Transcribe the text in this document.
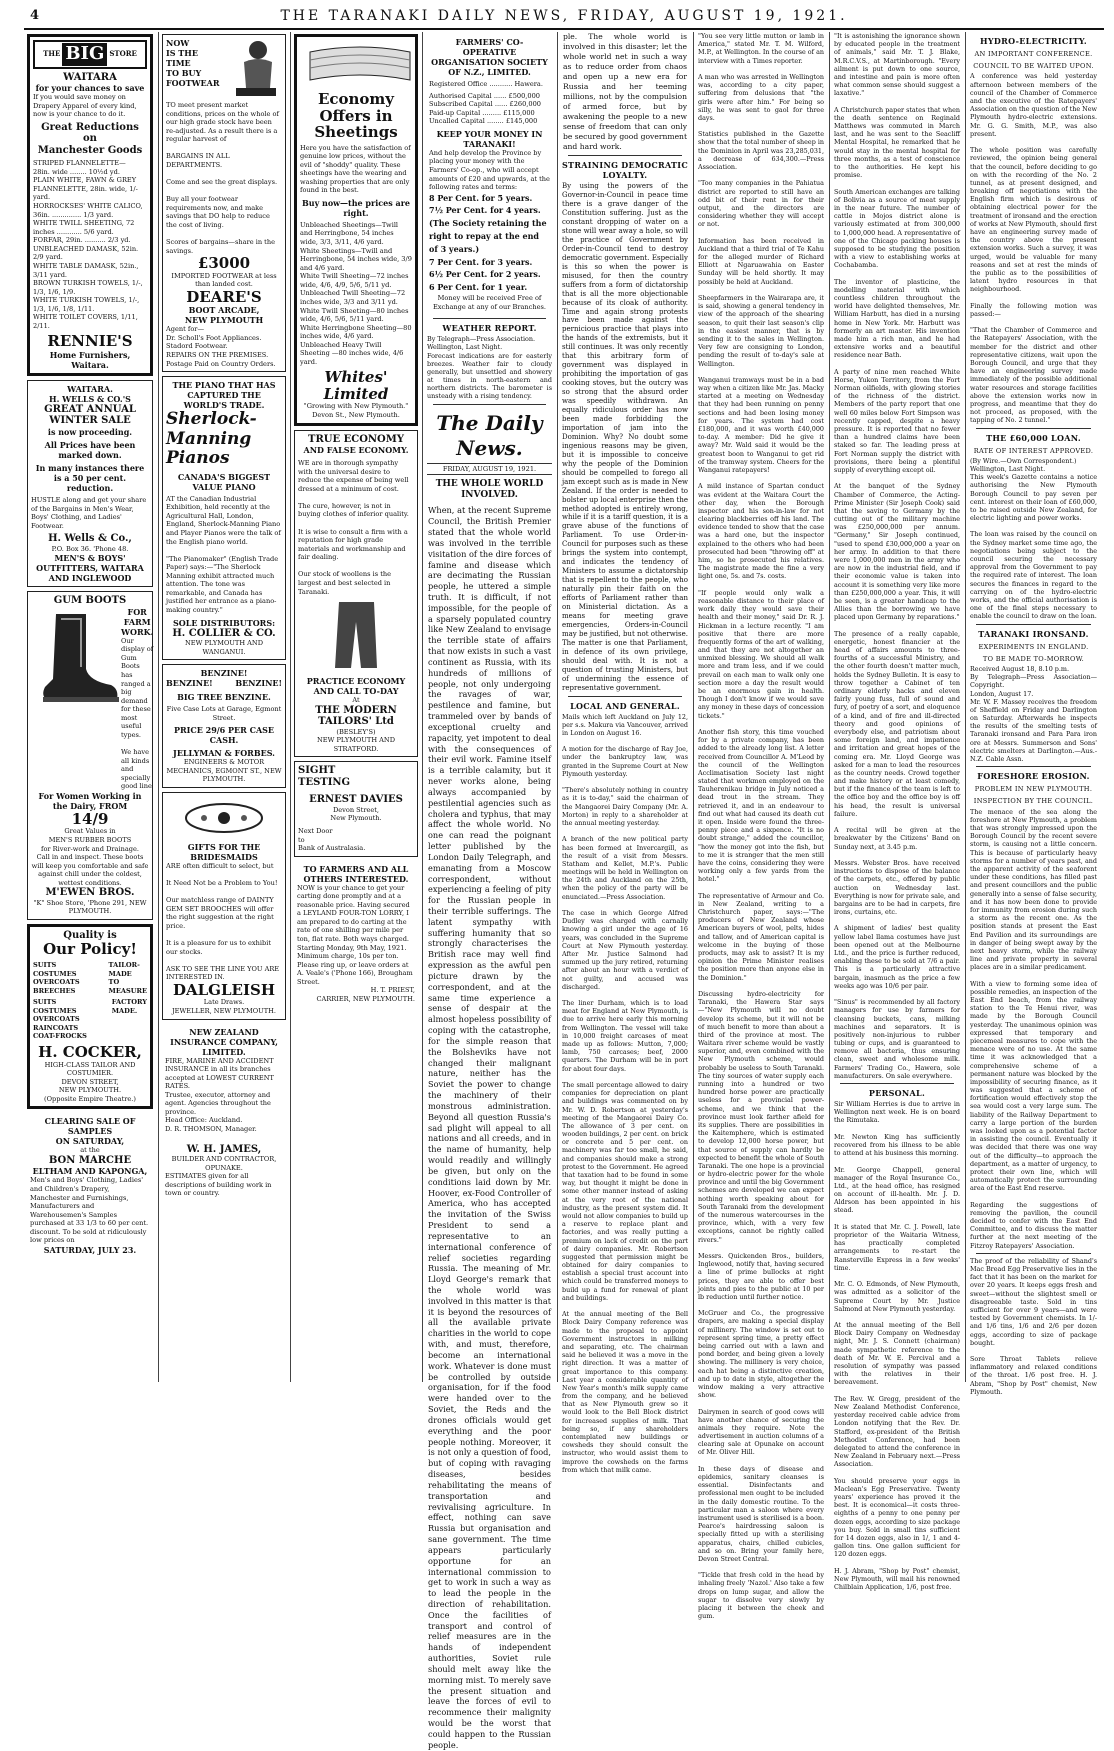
4	THE TARANAKI DAILY NEWS, FRIDAY, AUGUST 19, 1921.
THE BIG STORE
WAITARA
for your chances to save
If you would save money on Drapery Apparel of every kind, now is your chance to do it.
Great Reductions on
Manchester Goods
STRIPED FLANNELETTE—
28in. wide ........ 10½d yd.
PLAIN WHITE, FAWN & GREY FLANNELETTE, 28in. wide, 1/- yard.
HORROCKSES' WHITE CALICO, 36in. .............. 1/3 yard.
WHITE TWILL SHEETING, 72 inches ............ 5/6 yard.
FORFAR, 29in. .......... 2/3 yd.
UNBLEACHED DAMASK, 52in. 2/9 yard.
WHITE TABLE DAMASK, 52in., 3/11 yard.
BROWN TURKISH TOWELS, 1/-, 1/3, 1/6, 1/9.
WHITE TURKISH TOWELS, 1/-, 1/3, 1/6, 1/8, 1/11.
WHITE TOILET COVERS, 1/11, 2/11.
RENNIE'S
Home Furnishers, Waitara.
WAITARA.
H. WELLS & CO.'S
GREAT ANNUAL
WINTER SALE
is now proceeding.
All Prices have been marked down.
In many instances there is a 50 per cent. reduction.
HUSTLE along and get your share of the Bargains in Men's Wear, Boys' Clothing, and Ladies' Footwear.
H. Wells & Co.,
P.O. Box 36. 'Phone 48.
MEN'S & BOYS' OUTFITTERS, WAITARA AND INGLEWOOD
GUM BOOTS
FOR FARM WORK.
Our display of Gum Boots has ranged a big demand for these most useful types.

We have all kinds and specially good line
For Women Working in the Dairy, FROM
14/9
Great Values in
MEN'S RUBBER BOOTS
for River-work and Drainage.
Call in and inspect. These boots will keep you comfortable and safe against chill under the coldest, wettest conditions.
M'EWEN BROS.
"K" Shoe Store, 'Phone 291, NEW PLYMOUTH.
Quality is
Our Policy!
SUITS
COSTUMES
OVERCOATS
BREECHES
TAILOR-
MADE
TO
MEASURE
SUITS
COSTUMES
OVERCOATS
RAINCOATS
COAT-FROCKS
FACTORY
MADE.
H. COCKER,
HIGH-CLASS TAILOR AND COSTUMIER.
DEVON STREET,
NEW PLYMOUTH.
(Opposite Empire Theatre.)
CLEARING SALE OF SAMPLES
ON SATURDAY,
at the
BON MARCHE
ELTHAM AND KAPONGA,
Men's and Boys' Clothing, Ladies' and Children's Drapery, Manchester and Furnishings, Manufacturers and Warehousemen's Samples purchased at 33 1/3 to 60 per cent. discount. To be sold at ridiculously low prices on
SATURDAY, JULY 23.
NOW
IS THE
TIME
TO BUY
FOOTWEAR
TO meet present market conditions, prices on the whole of our high grade stock have been re-adjusted. As a result there is a regular harvest of

BARGAINS IN ALL DEPARTMENTS.

Come and see the great displays.

Buy all your footwear requirements now, and make savings that DO help to reduce the cost of living.

Scores of bargains—share in the savings.
£3000
IMPORTED FOOTWEAR at less than landed cost.
DEARE'S
BOOT ARCADE,
NEW PLYMOUTH
Agent for—
Dr. Scholl's Foot Appliances. Stadord Footwear.
REPAIRS ON THE PREMISES. Postage Paid on Country Orders.
THE PIANO THAT HAS CAPTURED THE WORLD'S TRADE.
Sherlock-
Manning
Pianos
CANADA'S BIGGEST VALUE PIANO
AT the Canadian Industrial Exhibition, held recently at the Agricultural Hall, London, England, Sherlock-Manning Piano and Player Pianos were the talk of the English piano world.

"The Pianomaker" (English Trade Paper) says:—"The Sherlock Manning exhibit attracted much attention. The tone was remarkable, and Canada has justified her entrance as a piano-making country."
SOLE DISTRIBUTORS:
H. COLLIER & CO.
NEW PLYMOUTH AND WANGANUI.
BENZINE!
BENZINE!	BENZINE!
BIG TREE BENZINE.
Five Case Lots at Garage, Egmont Street.
PRICE 29/6 PER CASE CASH.
JELLYMAN & FORBES.
ENGINEERS & MOTOR MECHANICS, EGMONT ST., NEW PLYMOUTH.
GIFTS FOR THE BRIDESMAIDS
ARE often difficult to select, but

It Need Not be a Problem to You!

Our matchless range of DAINTY GEM SET BROOCHES will offer the right suggestion at the right price.

It is a pleasure for us to exhibit our stocks.

ASK TO SEE THE LINE YOU ARE INTERESTED IN.
DALGLEISH
Late Draws.
JEWELLER, NEW PLYMOUTH.
NEW ZEALAND INSURANCE COMPANY, LIMITED.
FIRE, MARINE AND ACCIDENT INSURANCE in all its branches accepted at LOWEST CURRENT RATES.
Trustee, executor, attorney and agent. Agencies throughout the province.
Head Office: Auckland.
D. R. THOMSON, Manager.
W. H. JAMES,
BUILDER AND CONTRACTOR, OPUNAKE.
ESTIMATES given for all descriptions of building work in town or country.
Economy
Offers in
Sheetings
Here you have the satisfaction of genuine low prices, without the evil of "shoddy" quality. These sheetings have the wearing and washing properties that are only found in the best.
Buy now—the prices are right.
Unbleached Sheetings—Twill and Herringbone, 54 inches wide, 3/3, 3/11, 4/6 yard.
White Sheetings—Twill and Herringbone, 54 inches wide, 3/9 and 4/6 yard.
White Twill Sheeting—72 inches wide, 4/6, 4/9, 5/6, 5/11 yd.
Unbleached Twill Sheeting—72 inches wide, 3/3 and 3/11 yd.
White Twill Sheeting—80 inches wide, 4/6, 5/6, 5/11 yard.
White Herringbone Sheeting—80 inches wide, 4/6 yard.
Unbleached Heavy Twill Sheeting —80 inches wide, 4/6 yard.
Whites' Limited
"Growing with New Plymouth."
Devon St., New Plymouth.
TRUE ECONOMY
AND FALSE ECONOMY.
WE are in thorough sympathy with the universal desire to reduce the expense of being well dressed at a minimum of cost.

The cure, however, is not in buying clothes of inferior quality.

It is wise to consult a firm with a reputation for high grade materials and workmanship and fair dealing.

Our stock of woollens is the largest and best selected in Taranaki.
PRACTICE ECONOMY AND CALL TO-DAY
At
THE MODERN TAILORS' Ltd
(BESLEY'S)
NEW PLYMOUTH AND STRATFORD.
SIGHT
TESTING
ERNEST DAVIES
Devon Street,
New Plymouth.
Next Door
to
Bank of Australasia.
TO FARMERS AND ALL OTHERS INTERESTED.
NOW is your chance to get your carting done promptly and at a reasonable price. Having secured a LEYLAND FOUR-TON LORRY, I am prepared to do carting at the rate of one shilling per mile per ton, flat rate. Both ways charged.
Starting Monday, 9th May, 1921.
Minimum charge, 10s per ton.
Please ring up, or leave orders at A. Veale's ('Phone 166), Brougham Street.
H. T. PRIEST,
CARRIER, NEW PLYMOUTH.
FARMERS' CO-OPERATIVE ORGANISATION SOCIETY OF N.Z., LIMITED.
Registered Office ........... Hawera.
Authorised Capital ...... £500,000
Subscribed Capital ...... £260,000
Paid-up Capital ......... £115,000
Uncalled Capital ........ £145,000
KEEP YOUR MONEY IN TARANAKI!
And help develop the Province by placing your money with the Farmers' Co-op., who will accept amounts of £20 and upwards, at the following rates and terms:
8 Per Cent. for 5 years.
7½ Per Cent. for 4 years.
(The Society retaining the right to repay at the end of 3 years.)
7 Per Cent. for 3 years.
6½ Per Cent. for 2 years.
6 Per Cent. for 1 year.
Money will be received Free of Exchange at any of our Branches.
WEATHER REPORT.
By Telegraph—Press Association.
Wellington, Last Night.
Forecast indications are for easterly breezes. Weather fair to cloudy generally, but unsettled and showery at times in north-eastern and northern districts. The barometer is unsteady with a rising tendency.
The Daily News.
FRIDAY, AUGUST 19, 1921.
THE WHOLE WORLD INVOLVED.
When, at the recent Supreme Council, the British Premier stated that the whole world was involved in the terrible visitation of the dire forces of famine and disease which are decimating the Russian people, he uttered a simple truth. It is difficult, if not impossible, for the people of a sparsely populated country like New Zealand to envisage the terrible state of affairs that now exists in such a vast continent as Russia, with its hundreds of millions of people, not only undergoing the ravages of war, pestilence and famine, but trammeled over by bands of exceptional cruelty and rapacity, yet impotent to deal with the consequences of their evil work. Famine itself is a terrible calamity, but it never works alone, being always accompanied by pestilential agencies such as cholera and typhus, that may affect the whole world. No one can read the poignant letter published by the London Daily Telegraph, and emanating from a Moscow correspondent, without experiencing a feeling of pity for the Russian people in their terrible sufferings. The latent sympathy with suffering humanity that so strongly characterises the British race may well find expression as the awful pen picture drawn by the correspondent, and at the same time experience a sense of despair at the almost hopeless possibility of coping with the catastrophe, for the simple reason that the Bolsheviks have not changed their malignant nature, neither has the Soviet the power to change the machinery of their monstrous administration. Beyond all question Russia's sad plight will appeal to all nations and all creeds, and in the name of humanity, help would readily and willingly be given, but only on the conditions laid down by Mr. Hoover, ex-Food Controller of America, who has accepted the invitation of the Swiss President to send a representative to an international conference of relief societies regarding Russia. The meaning of Mr. Lloyd George's remark that the whole world was involved in this matter is that it is beyond the resources of all the available private charities in the world to cope with, and must, therefore, become an international work. Whatever is done must be controlled by outside organisation, for if the food were handed over to the Soviet, the Reds and the drones officials would get everything and the poor people nothing. Moreover, it is not only a question of food, but of coping with ravaging diseases, besides rehabilitating the means of transportation and revivalising agriculture. In effect, nothing can save Russia but organisation and sane government. The time appears particularly opportune for an international commission to get to work in such a way as to lead the people in the direction of rehabilitation. Once the facilities of transport and control of relief measures are in the hands of independent authorities, Soviet rule should melt away like the morning mist. To merely save the present situation and leave the forces of evil to recommence their malignity would be the worst that could happen to the Russian people.
ple. The whole world is involved in this disaster; let the whole world net in such a way as to reduce order from chaos and open up a new era for Russia and her teeming millions, not by the compulsion of armed force, but by awakening the people to a new sense of freedom that can only be secured by good government and hard work.
STRAINING DEMOCRATIC LOYALTY.
By using the powers of the Governor-in-Council in peace time there is a grave danger of the Constitution suffering. Just as the constant dropping of water on a stone will wear away a hole, so will the practice of Government by Order-in-Council tend to destroy democratic government. Especially is this so when the power is misused, for then the country suffers from a form of dictatorship that is all the more objectionable because of its cloak of authority. Time and again strong protests have been made against the pernicious practice that plays into the hands of the extremists, but it still continues. It was only recently that this arbitrary form of government was displayed in prohibiting the importation of gas cooking stoves, but the outcry was so strong that the absurd order was speedily withdrawn. An equally ridiculous order has now been made forbidding the importation of jam into the Dominion. Why? No doubt some ingenious reasons may be given, but it is impossible to conceive why the people of the Dominion should be compelled to forego all jam except such as is made in New Zealand. If the order is needed to bolster up local enterprise then the method adopted is entirely wrong, while if it is a tariff question, it is a grave abuse of the functions of Parliament. To use Order-in-Council for purposes such as these brings the system into contempt, and indicates the tendency of Ministers to assume a dictatorship that is repellent to the people, who naturally pin their faith on the efforts of Parliament rather than on Ministerial dictation. As a means for meeting grave emergencies, Orders-in-Council may be justified, but not otherwise. The matter is one that Parliament, in defence of its own privilege, should deal with. It is not a question of trusting Ministers, but of undermining the essence of representative government.
LOCAL AND GENERAL.
Mails which left Auckland on July 12, per s.s. Makura via Vancouver, arrived in London on August 16.

A motion for the discharge of Ray Joe, under the bankruptcy law, was granted in the Supreme Court at New Plymouth yesterday.

"There's absolutely nothing in country as it is to-day," said the chairman of the Mangaorei Dairy Company (Mr. A. Morton) in reply to a shareholder at the annual meeting yesterday.

A branch of the new political party has been formed at Invercargill, as the result of a visit from Messrs. Statham and Kellet, M.P.'s. Public meetings will be held in Wellington on the 24th and Auckland on the 25th, when the policy of the party will be enunciated.—Press Association.

The case in which George Alfred Dudley was charged with carnally knowing a girl under the age of 16 years, was concluded in the Supreme Court at New Plymouth yesterday. After Mr. Justice Salmond had summed up the jury retired, returning after about an hour with a verdict of not guilty, and accused was discharged.

The liner Durham, which is to load meat for England at New Plymouth, is due to arrive here early this morning from Wellington. The vessel will take in 10,000 freight carcases of meat made up as follows: Mutton, 7,000; lamb, 750 carcases; beef, 2000 quarters. The Durham will be in port for about four days.

The small percentage allowed to dairy companies for depreciation on plant and buildings was commented on by Mr. W. D. Robertson at yesterday's meeting of the Mangaorei Dairy Co. The allowance of 3 per cent. on wooden buildings, 2 per cent. on brick or concrete and 5 per cent. on machinery was far too small, he said, and companies should make a strong protest to the Government. He agreed that taxation had to be found in some way, but thought it might be done in some other manner instead of asking at the very root of the national industry, as the present system did. It would not allow companies to build up a reserve to replace plant and factories, and was really putting a premium on lack of credit on the part of dairy companies. Mr. Robertson suggested that permission might be obtained for dairy companies to establish a special trust account into which could be transferred moneys to build up a fund for renewal of plant and buildings.

At the annual meeting of the Bell Block Dairy Company reference was made to the proposal to appoint Government instructors in milking and separating, etc. The chairman said he believed it was a move in the right direction. It was a matter of great importance to this company. Last year a considerable quantity of New Year's month's milk supply came from the company, and he believed that as New Plymouth grew so it would look to the Bell Block district for increased supplies of milk. That being so, if any shareholders contemplated new buildings or cowsheds they should consult the instructor, who would assist them to improve the cowsheds on the farms from which that milk came.
"You see very little mutton or lamb in America," stated Mr. T. M. Wilford, M.P., at Wellington. In the course of an interview with a Times reporter.

A man who was arrested in Wellington was, according to a city paper, suffering from delusions that "the girls were after him." For being so silly, he was sent to gaol for three days.

Statistics published in the Gazette show that the total number of sheep in the Dominion in April was 23,285,031, a decrease of 634,300.—Press Association.

"Too many companies in the Pahiatua district are reported to still have an odd bit of their rent in for their output, and the directors are considering whether they will accept or not.

Information has been received in Auckland that a third trial of Te Kahu for the alleged murder of Richard Elliott at Ngaruawahia on Easter Sunday will be held shortly. It may possibly be held at Auckland.

Sheepfarmers in the Wairarapa are, it is said, showing a general tendency in view of the approach of the shearing season, to quit their last season's clip in the easiest manner, that is by sending it to the sales in Wellington. Very few are consigning to London, pending the result of to-day's sale at Wellington.

Wanganui tramways must be in a bad way when a citizen like Mr. Jas. Macky started at a meeting on Wednesday that they had been running on penny sections and had been losing money for years. The system had cost £180,000, and it was worth £40,000 to-day. A member: Did he give it away? Mr. Wald said it would be the greatest boon to Wanganui to get rid of the tramway system. Cheers for the Wanganui ratepayers!

A mild instance of Spartan conduct was evident at the Waitara Court the other day, when the Borough inspector and his son-in-law for not clearing blackberries off his land. The evidence tended to show that the case was a hard one, but the inspector explained to the others who had been prosecuted had been "throwing off" at him, so he prosecuted his relatives. The magistrate made the fine a very light one, 5s. and 7s. costs.

"If people would only walk a reasonable distance to their place of work daily they would save their health and their money," said Dr. R. J. Hickman in a lecture recently. "I am positive that there are more frequently forms of the art of walking, and that they are not altogether an unmixed blessing. We should all walk more and tram less, and if we could prevail on each man to walk only one section more a day the result would be an enormous gain in health. Though I don't know if we would save any money in these days of concession tickets."

Another fish story, this time vouched for by a private company, has been added to the already long list. A letter received from Councillor A. M'Leod by the council of the Wellington Acclimatisation Society last night stated that workmen employed on the Tauherenikau bridge in July noticed a dead trout in the stream. They retrieved it, and in an endeavour to find out what had caused its death cut it open. Inside were found the three-penny piece and a sixpence. "It is no doubt strange," added the councillor, "how the money got into the fish, but to me it is stranger that the men still have the coins, considering they were working only a few yards from the hotel."

The representative of Armour and Co. in New Zealand, writing to a Christchurch paper, says:—"The producers of New Zealand whose American buyers of wool, pelts, hides and tallow, and of American capital is welcome in the buying of those products, may ask to assist? It is my opinion the Prime Minister realises the position more than anyone else in the Dominion."

Discussing hydro-electricity for Taranaki, the Hawera Star says—"New Plymouth will no doubt develop its scheme, but it will not be of much benefit to more than about a third of the province at most. The Waitara river scheme would be vastly superior, and, even combined with the New Plymouth scheme, would probably be useless to South Taranaki. The tiny sources of water supply each running into a hundred or two hundred horse power are practically useless for a provincial power-scheme, and we think that the province must look farther afield for its supplies. There are possibilities in the Kaitemphere, which is estimated to develop 12,000 horse power, but that source of supply can hardly be expected to benefit the whole of South Taranaki. The one hope is a provincial or hydro-electric power for the whole province and until the big Government schemes are developed we can expect nothing worth speaking about for South Taranaki from the development of the numerous watercourses in the province, which, with a very few exceptions, cannot be rightly called rivers."

Messrs. Quickenden Bros., builders, Inglewood, notify that, having secured a line of prime bullocks at right prices, they are able to offer best joints and pies to the public at 10 per lb reduction until further notice.

McGruer and Co., the progressive drapers, are making a special display of millinery. The window is set out to represent spring time, a pretty effect being carried out with a lawn and pond border, and being given a lovely showing. The millinery is very choice, each hat being a distinctive creation, and up to date in style, altogether the window making a very attractive show.

Dairymen in search of good cows will have another chance of securing the animals they require. Note the advertisement in auction columns of a clearing sale at Opunake on account of Mr. Oliver Hill.

In these days of disease and epidemics, sanitary cleanses is essential. Disinfectants and professional men ought to be included in the daily domestic routine. To the particular man a saloon where every instrument used is sterilised is a boon. Pearce's hairdressing saloon is specially fitted up with a sterilising apparatus, chairs, chilled cubicles, and so on. Bring your family here, Devon Street Central.

"Tickle that fresh cold in the head by inhaling freely 'Nazol.' Also take a few drops on lump sugar, and allow the sugar to dissolve very slowly by placing it between the cheek and gum.
"It is astonishing the ignorance shown by educated people in the treatment of animals," said Mr. T. J. Blake, M.R.C.V.S., at Martinborough. "Every ailment is put down to one source, and intestine and pain is more often what common sense should suggest a laxative."

A Christchurch paper states that when the death sentence on Reginald Matthews was commuted in March last, and he was sent to the Seacliff Mental Hospital, he remarked that he would stay in the mental hospital for three months, as a test of conscience to the authorities. He kept his promise.

South American exchanges are talking of Bolivia as a source of meat supply in the near future. The number of cattle in Mojos district alone is variously estimated at from 300,000 to 1,000,000 head. A representative of one of the Chicago packing houses is supposed to be studying the position with a view to establishing works at Cochabamba.

The inventor of plasticine, the modelling material with which countless children throughout the world have delighted themselves, Mr. William Harbutt, has died in a nursing home in New York. Mr. Harbutt was formerly an art master. His invention made him a rich man, and he had extensive works and a beautiful residence near Bath.

A party of nine men reached White Horse, Yukon Territory, from the Fort Norman oilfields, with glowing stories of the richness of the district. Members of the party report that one well 60 miles below Fort Simpson was recently capped, despite a heavy pressure. It is reported that no fewer than a hundred claims have been staked so far. The leading press at Fort Norman supply the district with provisions, there being a plentiful supply of everything except oil.

At the banquet of the Sydney Chamber of Commerce, the Acting-Prime Minister (Sir Joseph Cook) said that the saving to Germany by the cutting out of the military machine was £250,000,000 per annum. "Germany," Sir Joseph continued, "used to spend £30,000,000 a year on her army. In addition to that there were 1,000,000 men in the army who are now in the industrial field, and if their economic value is taken into account it is something very like more than £250,000,000 a year. This, it will be seen, is a greater handicap to the Allies than the borrowing we have placed upon Germany by reparations."

The presence of a really capable, energetic, honest financier at the head of affairs amounts to three-fourths of a successful Ministry, and the other fourth doesn't matter much, holds the Sydney Bulletin. It is easy to throw together a Cabinet of ten ordinary elderly hacks and eleven fairly young fuss, full of sound and fury, of poetry of a sort, and eloquence of a kind, and of fire and ill-directed theory and good opinions of everybody else, and patriotism about some foreign land, and impatience and irritation and great hopes of the coming era. Mr. Lloyd George was asked for a man to lead the resources as the country needs. Crowd together and make history or at least comedy, but if the finance of the team is left to the office boy and the office boy is off his head, the result is universal failure.

A recital will be given at the breakwater by the Citizens' Band on Sunday next, at 3.45 p.m.

Messrs. Webster Bros. have received instructions to dispose of the balance of the carpets, etc., offered by public auction on Wednesday last. Everything is now for private sale, and bargains are to be had in carpets, fire irons, curtains, etc.

A shipment of ladies' best quality yellow label llama costumes have just been opened out at the Melbourne Ltd., and the price is further reduced, enabling these to be sold at 7/6 a pair. This is a particularly attractive bargain, inasmuch as the price a few weeks ago was 10/6 per pair.

"Sinus" is recommended by all factory managers for use by farmers for cleansing buckets, cans, milking machines and separators. It is positively non-injurious to rubber tubing or cups, and is guaranteed to remove all bacteria, thus ensuring clean, sweet and wholesome milk. Farmers' Trading Co., Hawera, sole manufacturers. On sale everywhere.
PERSONAL.
Sir William Herries is due to arrive in Wellington next week. He is on board the Rimutaka.

Mr. Newton King has sufficiently recovered from his illness to be able to attend at his business this morning.

Mr. George Chappell, general manager of the Royal Insurance Co., Ltd., at the head office, has resigned on account of ill-health. Mr. J. D. Aldrson has been appointed in his stead.

It is stated that Mr. C. J. Powell, late proprietor of the Waitaria Witness, has practically completed arrangements to re-start the Ransterville Express in a few weeks' time.

Mr. C. O. Edmonds, of New Plymouth, was admitted as a solicitor of the Supreme Court by Mr. Justice Salmond at New Plymouth yesterday.

At the annual meeting of the Bell Block Dairy Company on Wednesday night, Mr. J. S. Connett (chairman) made sympathetic reference to the death of Mr. W. E. Percival and a resolution of sympathy was passed with the relatives in their bereavement.

The Rev. W. Gregg, president of the New Zealand Methodist Conference, yesterday received cable advice from London notifying that the Rev. Dr. Stafford, ex-president of the British Methodist Conference, had been delegated to attend the conference in New Zealand in February next.—Press Association.

You should preserve your eggs in Maclean's Egg Preservative. Twenty years' experience has proved it the best. It is economical—it costs three-eighths of a penny to one penny per dozen eggs, according to size package you buy. Sold in small tins sufficient for 14 dozen eggs, also in 1/, 1 and 4-gallon tins. One gallon sufficient for 120 dozen eggs.

H. J. Abram, "Shop by Post" chemist, New Plymouth, will mail his renowned Chilblain Application, 1/6, post free.
HYDRO-ELECTRICITY.
AN IMPORTANT CONFERENCE.
COUNCIL TO BE WAITED UPON.
A conference was held yesterday afternoon between members of the council of the Chamber of Commerce and the executive of the Ratepayers' Association on the question of the New Plymouth hydro-electric extensions. Mr. G. G. Smith, M.P., was also present.

The whole position was carefully reviewed, the opinion being general that the council, before deciding to go on with the recording of the No. 2 tunnel, as at present designed, and breaking off negotiations with the English firm which is desirous of obtaining electrical power for the treatment of ironsand and the erection of works at New Plymouth, should first have an engineering survey made of the country above the present extension works. Such a survey, it was urged, would be valuable for many reasons and set at rest the minds of the public as to the possibilities of latent hydro resources in that neighbourhood.

Finally the following motion was passed:—

"That the Chamber of Commerce and the Ratepayers' Association, with the member for the district and other representative citizens, wait upon the Borough Council, and urge that they have an engineering survey made immediately of the possible additional water resources and storage facilities above the extension works now in progress, and meantime that they do not proceed, as proposed, with the tapping of No. 2 tunnel."
THE £60,000 LOAN.
RATE OF INTEREST APPROVED.
(By Wire.—Own Correspondent.)
Wellington, Last Night.
This week's Gazette contains a notice authorising the New Plymouth Borough Council to pay seven per cent. interest on their loan of £60,000, to be raised outside New Zealand, for electric lighting and power works.

The loan was raised by the council on the Sydney market some time ago, the negotiations being subject to the council securing the necessary approval from the Government to pay the required rate of interest. The loan secures the finances in regard to the carrying on of the hydro-electric works, and the official authorisation is one of the final steps necessary to enable the council to draw on the loan.
TARANAKI IRONSAND.
EXPERIMENTS IN ENGLAND.
TO BE MADE TO-MORROW.
Received August 18, 8.10 p.m.
By Telegraph—Press Association—Copyright.
London, August 17.
Mr. W. F. Massey receives the freedom of Sheffield on Friday and Darlington on Saturday. Afterwards he inspects the results of the smelting tests of Taranaki ironsand and Para Para iron ore at Messrs. Summerson and Sons' electric smelters at Darlington.—Aus.-N.Z. Cable Assn.
FORESHORE EROSION.
PROBLEM IN NEW PLYMOUTH.
INSPECTION BY THE COUNCIL.
The menace of the sea along the foreshore at New Plymouth, a problem that was strongly impressed upon the Borough Council by the recent severe storm, is causing not a little concern. This is because of particularly heavy storms for a number of years past, and the apparent activity of the seaforent under these conditions, has filled past and present councillors and the public generally into a sense of false security, and it has now been done to provide for immunity from erosion during such a storm as the recent one. As the position stands at present the East End Pavilion and its surroundings are in danger of being swept away by the next heavy storm, while the railway line and private property in several places are in a similar predicament.

With a view to forming some idea of possible remedies, an inspection of the East End beach, from the railway station to the Te Henui river, was made by the Borough Council yesterday. The unanimous opinion was expressed that temporary and piecemeal measures to cope with the menace were of no use. At the same time it was acknowledged that a comprehensive scheme of a permanent nature was blocked by the impossibility of securing finance, as it was suggested that a scheme of fortification would effectively stop the sea would cost a very large sum. The liability of the Railway Department to carry a large portion of the burden was looked upon as a potential factor in assisting the council. Eventually it was decided that there was one way out of the difficulty—to approach the department, as a matter of urgency, to protect their own line, which will automatically protect the surrounding area of the East End reserve.

Regarding the suggestions of removing the pavilion, the council decided to confer with the East End Committee, and to discuss the matter further at the next meeting of the Fitzroy Ratepayers' Association.
The proof of the reliability of Shand's Mac Bread Egg Preservative lies in the fact that it has been on the market for over 20 years. It keeps eggs fresh and sweet—without the slightest smell or disagreeable taste. Sold in tins sufficient for over 9 years—and were tested by Government chemists. In 1/- and 1/6 tins, 1/6 and 2/6 per dozen eggs, according to size of package bought.

Sore Throat Tablets relieve inflammatory and relaxed conditions of the throat. 1/6 post free. H. J. Abram, "Shop by Post" chemist, New Plymouth.
